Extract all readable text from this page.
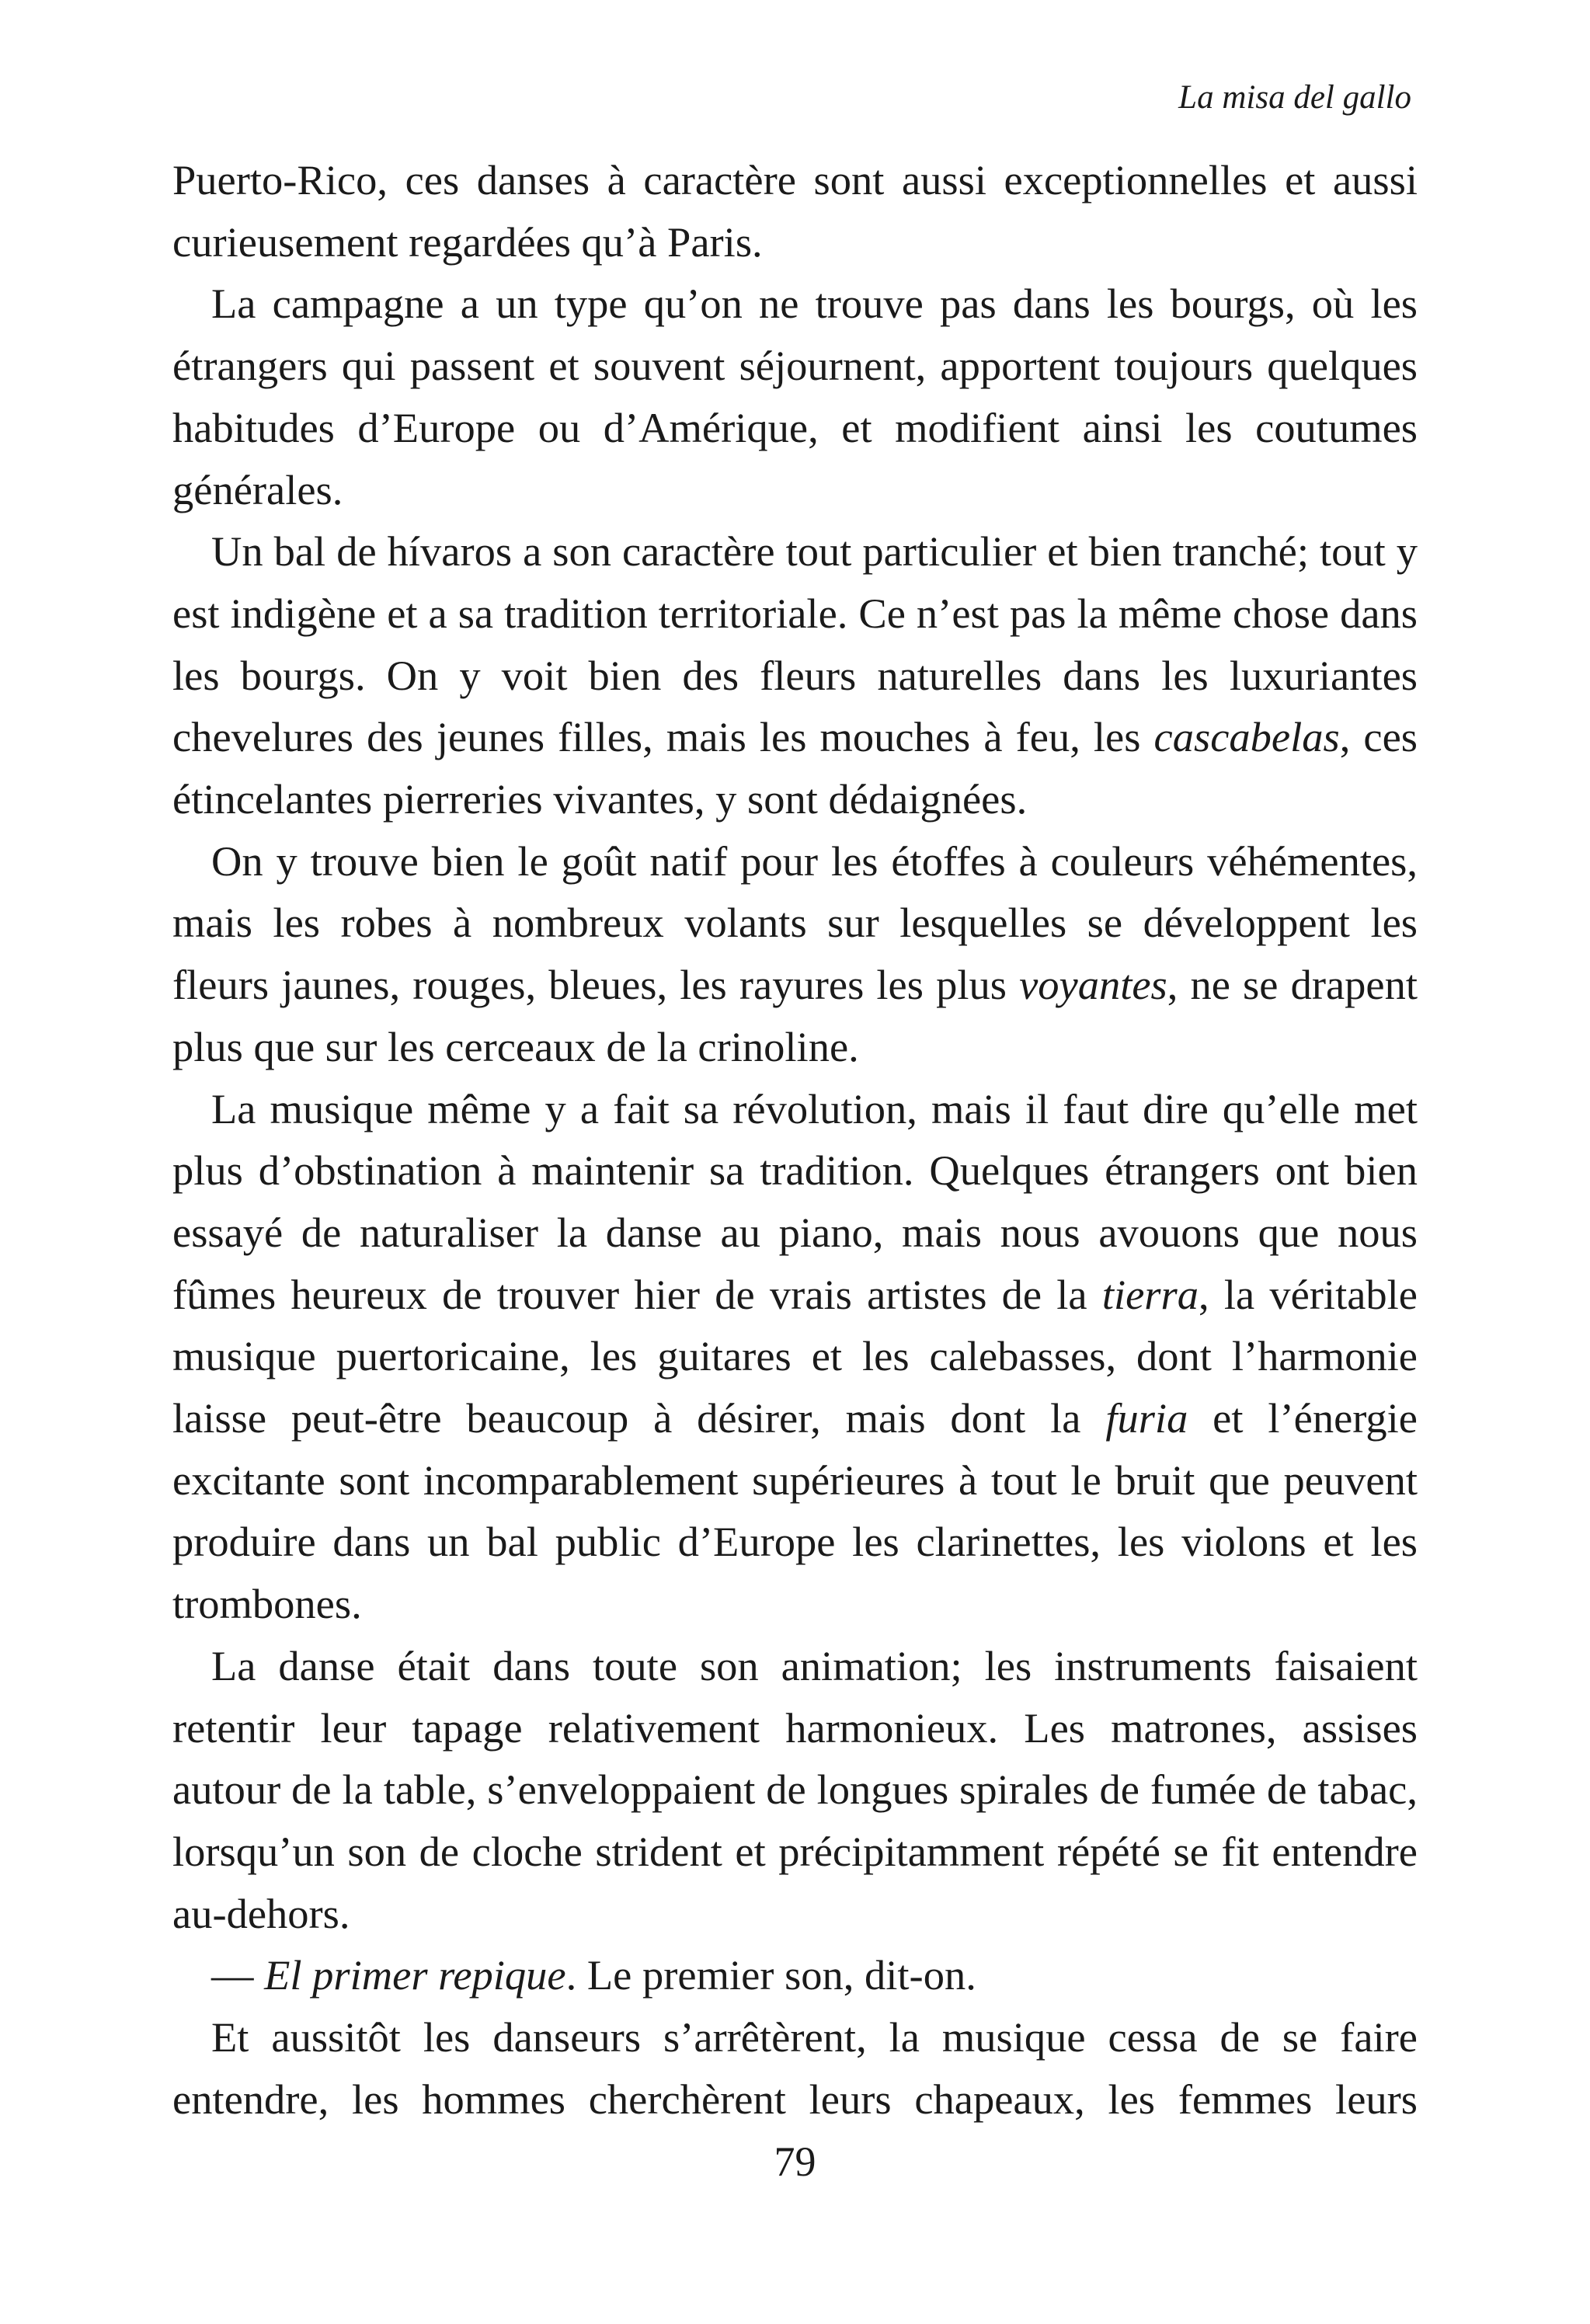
La misa del gallo

Puerto-Rico, ces danses à caractère sont aussi exceptionnelles et aussi curieusement regardées qu’à Paris.

La campagne a un type qu’on ne trouve pas dans les bourgs, où les étrangers qui passent et souvent séjournent, apportent toujours quelques habitudes d’Europe ou d’Amérique, et modifient ainsi les coutumes générales.

Un bal de hívaros a son caractère tout particulier et bien tranché; tout y est indigène et a sa tradition territoriale. Ce n’est pas la même chose dans les bourgs. On y voit bien des fleurs naturelles dans les luxuriantes chevelures des jeunes filles, mais les mouches à feu, les cascabelas, ces étincelantes pierreries vivantes, y sont dédaignées.

On y trouve bien le goût natif pour les étoffes à couleurs véhémentes, mais les robes à nombreux volants sur lesquelles se développent les fleurs jaunes, rouges, bleues, les rayures les plus voyantes, ne se drapent plus que sur les cerceaux de la crinoline.

La musique même y a fait sa révolution, mais il faut dire qu’elle met plus d’obstination à maintenir sa tradition. Quelques étrangers ont bien essayé de naturaliser la danse au piano, mais nous avouons que nous fûmes heureux de trouver hier de vrais artistes de la tierra, la véritable musique puertoricaine, les guitares et les calebasses, dont l’harmonie laisse peut-être beaucoup à désirer, mais dont la furia et l’énergie excitante sont incomparablement supérieures à tout le bruit que peuvent produire dans un bal public d’Europe les clarinettes, les violons et les trombones.

La danse était dans toute son animation; les instruments faisaient retentir leur tapage relativement harmonieux. Les matrones, assises autour de la table, s’enveloppaient de longues spirales de fumée de tabac, lorsqu’un son de cloche strident et précipitamment répété se fit entendre au-dehors.

— El primer repique. Le premier son, dit-on.

Et aussitôt les danseurs s’arrêtèrent, la musique cessa de se faire entendre, les hommes cherchèrent leurs chapeaux, les femmes leurs

79
